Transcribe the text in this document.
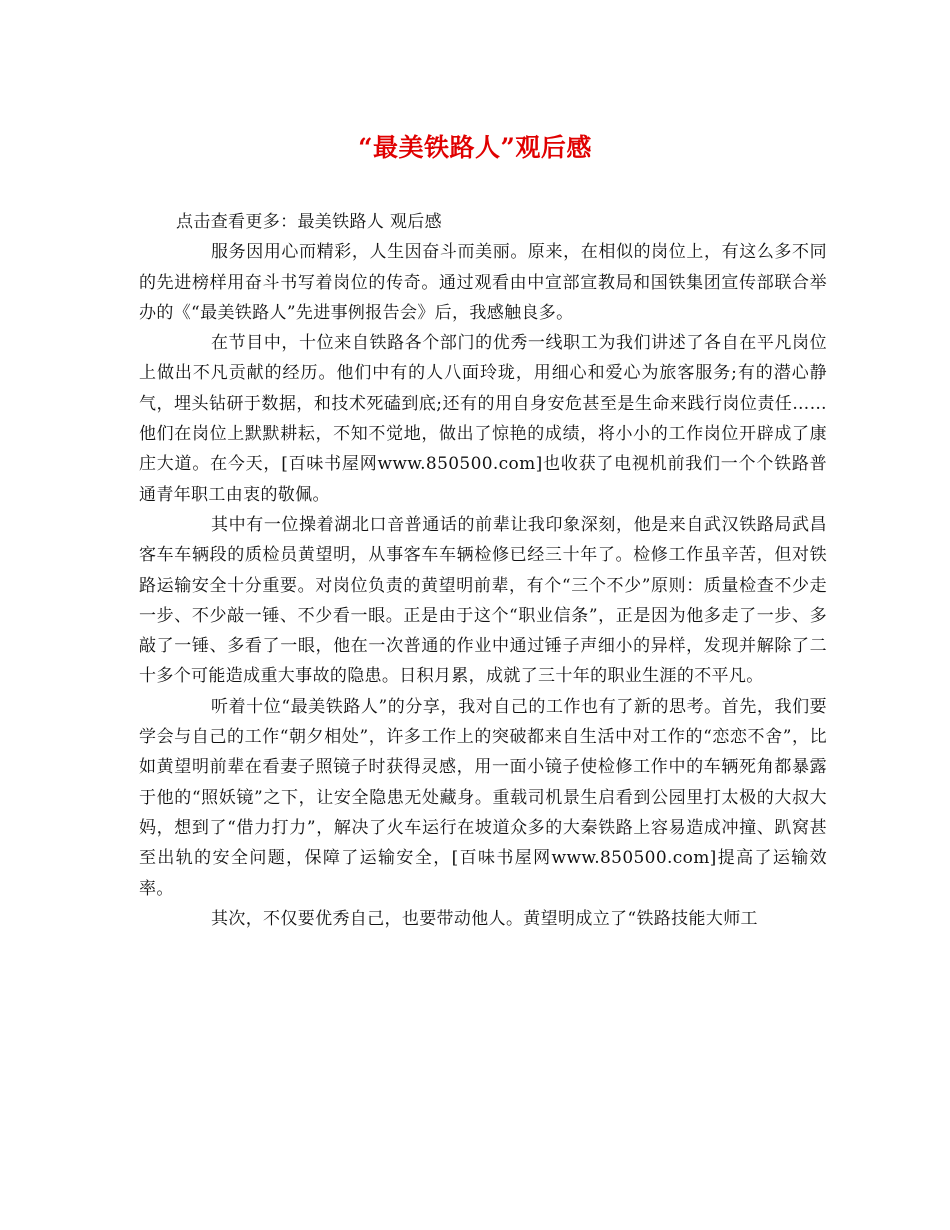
“最美铁路人”观后感

点击查看更多：最美铁路人 观后感

服务因用心而精彩，人生因奋斗而美丽。原来，在相似的岗位上，有这么多不同的先进榜样用奋斗书写着岗位的传奇。通过观看由中宣部宣教局和国铁集团宣传部联合举办的《“最美铁路人”先进事例报告会》后，我感触良多。

在节目中，十位来自铁路各个部门的优秀一线职工为我们讲述了各自在平凡岗位上做出不凡贡献的经历。他们中有的人八面玲珑，用细心和爱心为旅客服务;有的潜心静气，埋头钻研于数据，和技术死磕到底;还有的用自身安危甚至是生命来践行岗位责任……他们在岗位上默默耕耘，不知不觉地，做出了惊艳的成绩，将小小的工作岗位开辟成了康庄大道。在今天，[百味书屋网www.850500.com]也收获了电视机前我们一个个铁路普通青年职工由衷的敬佩。

其中有一位操着湖北口音普通话的前辈让我印象深刻，他是来自武汉铁路局武昌客车车辆段的质检员黄望明，从事客车车辆检修已经三十年了。检修工作虽辛苦，但对铁路运输安全十分重要。对岗位负责的黄望明前辈，有个“三个不少”原则：质量检查不少走一步、不少敲一锤、不少看一眼。正是由于这个“职业信条”，正是因为他多走了一步、多敲了一锤、多看了一眼，他在一次普通的作业中通过锤子声细小的异样，发现并解除了二十多个可能造成重大事故的隐患。日积月累，成就了三十年的职业生涯的不平凡。

听着十位“最美铁路人”的分享，我对自己的工作也有了新的思考。首先，我们要学会与自己的工作“朝夕相处”，许多工作上的突破都来自生活中对工作的“恋恋不舍”，比如黄望明前辈在看妻子照镜子时获得灵感，用一面小镜子使检修工作中的车辆死角都暴露于他的“照妖镜”之下，让安全隐患无处藏身。重载司机景生启看到公园里打太极的大叔大妈，想到了“借力打力”，解决了火车运行在坡道众多的大秦铁路上容易造成冲撞、趴窝甚至出轨的安全问题，保障了运输安全，[百味书屋网www.850500.com]提高了运输效率。

其次，不仅要优秀自己，也要带动他人。黄望明成立了“铁路技能大师工
